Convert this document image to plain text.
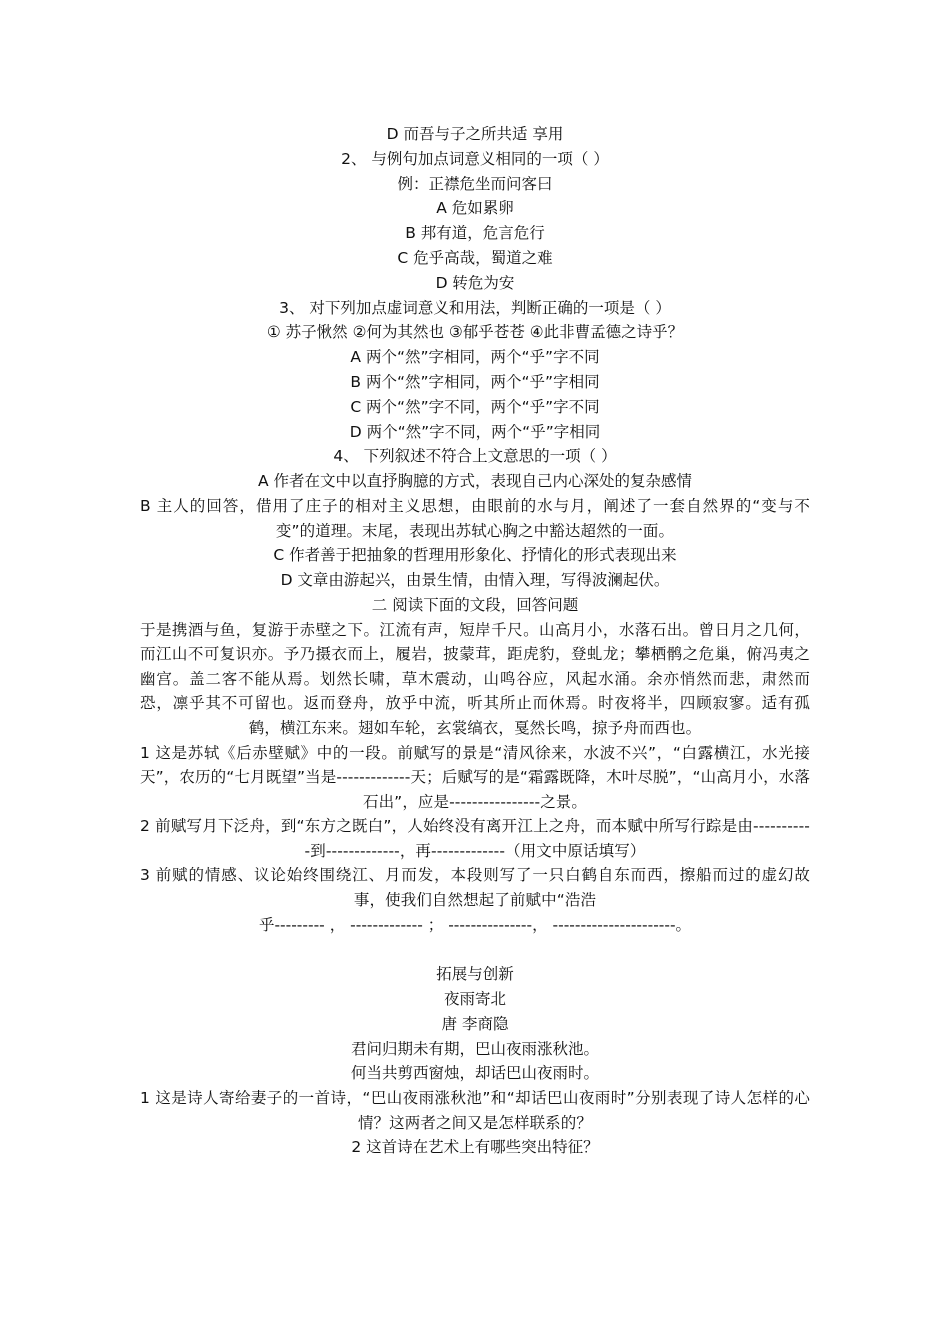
D 而吾与子之所共适 享用

2、 与例句加点词意义相同的一项（ ）

例：正襟危坐而问客曰

A 危如累卵

B 邦有道，危言危行

C 危乎高哉，蜀道之难

D 转危为安

3、 对下列加点虚词意义和用法，判断正确的一项是（ ）

① 苏子愀然 ②何为其然也 ③郁乎苍苍 ④此非曹孟德之诗乎？

A 两个“然”字相同，两个“乎”字不同

B 两个“然”字相同，两个“乎”字相同

C 两个“然”字不同，两个“乎”字不同

D 两个“然”字不同，两个“乎”字相同

4、 下列叙述不符合上文意思的一项（ ）

A 作者在文中以直抒胸臆的方式，表现自己内心深处的复杂感情

B 主人的回答，借用了庄子的相对主义思想，由眼前的水与月，阐述了一套自然界的“变与不变”的道理。末尾，表现出苏轼心胸之中豁达超然的一面。

C 作者善于把抽象的哲理用形象化、抒情化的形式表现出来

D 文章由游起兴，由景生情，由情入理，写得波澜起伏。

二 阅读下面的文段，回答问题

于是携酒与鱼，复游于赤壁之下。江流有声，短岸千尺。山高月小，水落石出。曾日月之几何，而江山不可复识亦。予乃摄衣而上，履岩，披蒙茸，距虎豹，登虬龙；攀栖鹘之危巢，俯冯夷之幽宫。盖二客不能从焉。划然长啸，草木震动，山鸣谷应，风起水涌。余亦悄然而悲，肃然而恐，凛乎其不可留也。返而登舟，放乎中流，听其所止而休焉。时夜将半，四顾寂寥。适有孤鹤，横江东来。翅如车轮，玄裳缟衣，戛然长鸣，掠予舟而西也。

1 这是苏轼《后赤壁赋》中的一段。前赋写的景是“清风徐来，水波不兴”，“白露横江，水光接天”，农历的“七月既望”当是-------------天；后赋写的是“霜露既降，木叶尽脱”，“山高月小，水落石出”，应是----------------之景。

2 前赋写月下泛舟，到“东方之既白”，人始终没有离开江上之舟，而本赋中所写行踪是由-----------到-------------，再-------------（用文中原话填写）

3 前赋的情感、议论始终围绕江、月而发，本段则写了一只白鹤自东而西，擦船而过的虚幻故事，使我们自然想起了前赋中“浩浩

乎--------- ， ------------- ； ---------------， ----------------------。

拓展与创新

夜雨寄北

唐 李商隐

君问归期未有期，巴山夜雨涨秋池。

何当共剪西窗烛，却话巴山夜雨时。

1 这是诗人寄给妻子的一首诗，“巴山夜雨涨秋池”和“却话巴山夜雨时”分别表现了诗人怎样的心情？这两者之间又是怎样联系的？

2 这首诗在艺术上有哪些突出特征？
